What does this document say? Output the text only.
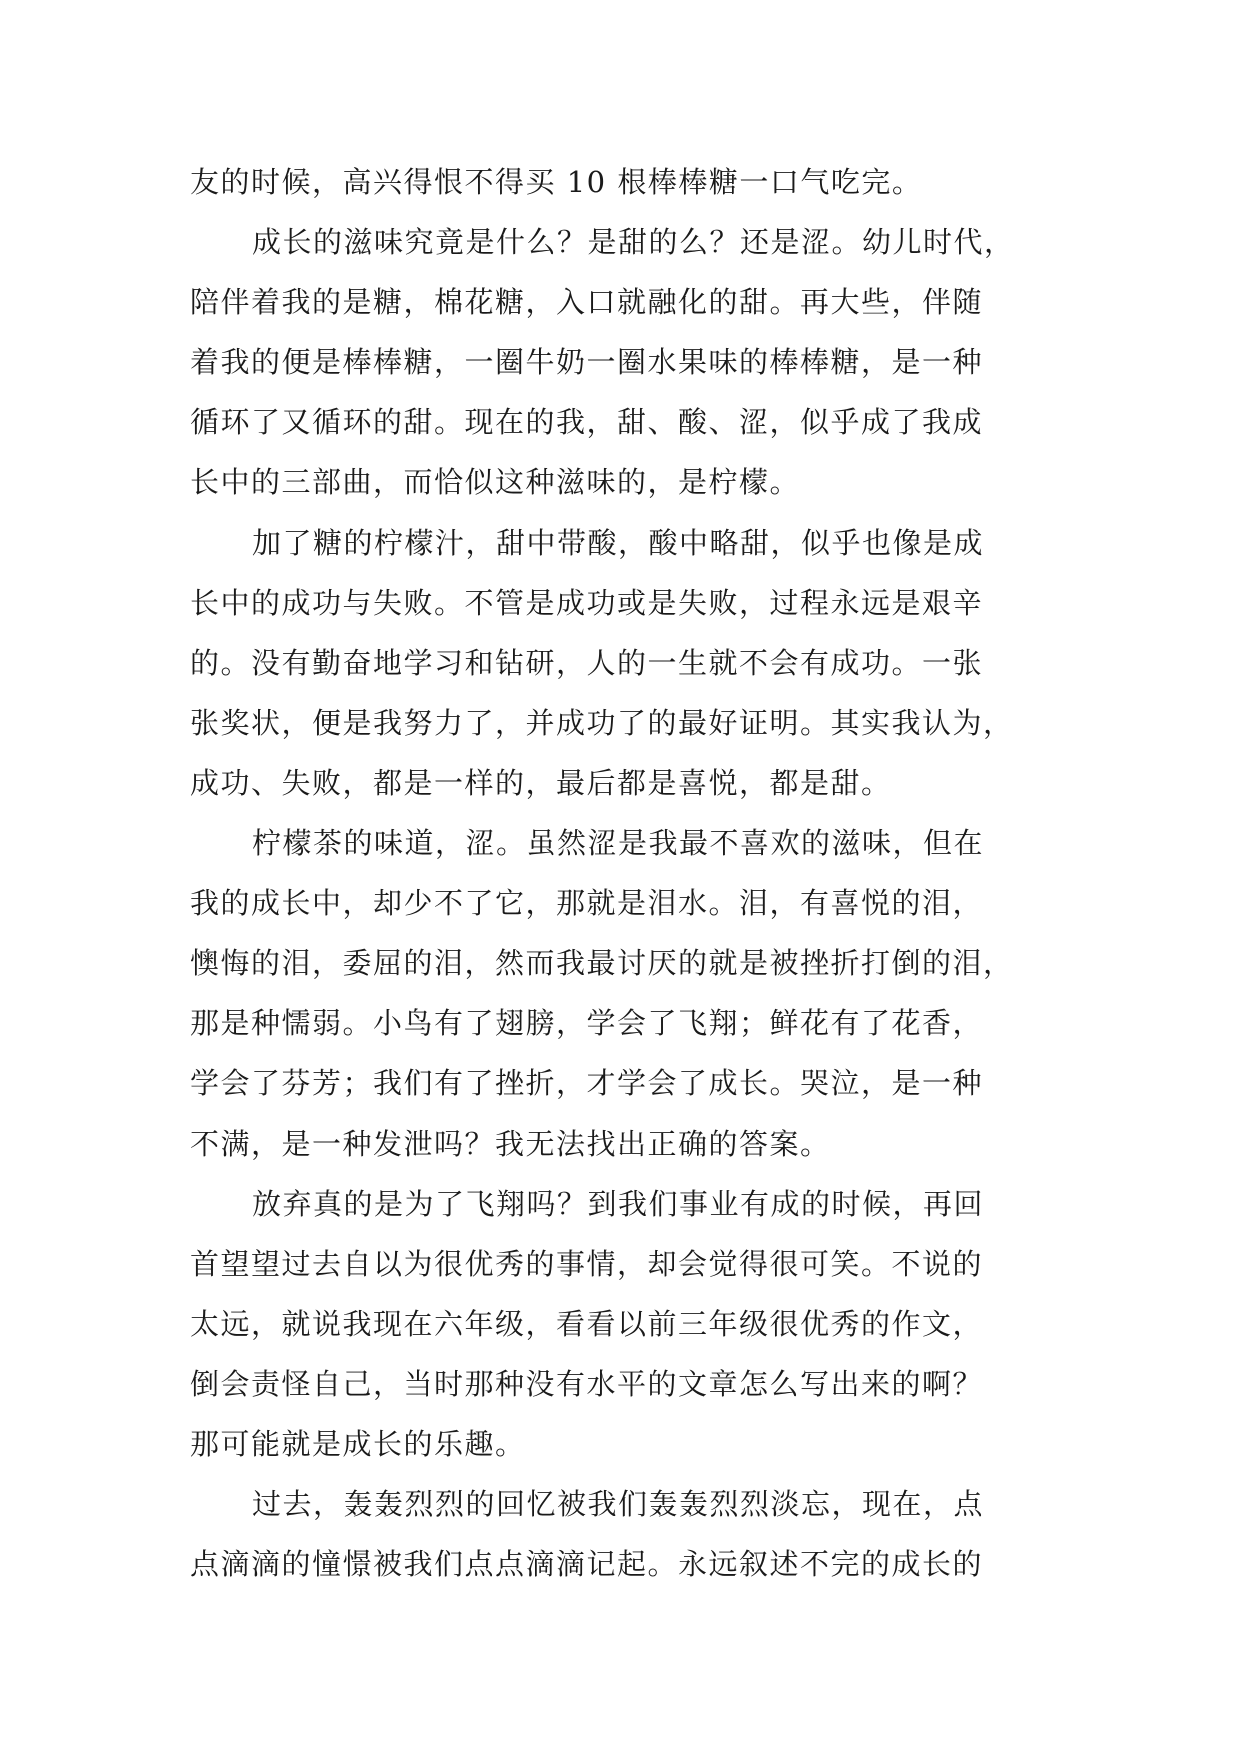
友的时候，高兴得恨不得买 10 根棒棒糖一口气吃完。
成长的滋味究竟是什么？是甜的么？还是涩。幼儿时代，
陪伴着我的是糖，棉花糖，入口就融化的甜。再大些，伴随
着我的便是棒棒糖，一圈牛奶一圈水果味的棒棒糖，是一种
循环了又循环的甜。现在的我，甜、酸、涩，似乎成了我成
长中的三部曲，而恰似这种滋味的，是柠檬。
加了糖的柠檬汁，甜中带酸，酸中略甜，似乎也像是成
长中的成功与失败。不管是成功或是失败，过程永远是艰辛
的。没有勤奋地学习和钻研，人的一生就不会有成功。一张
张奖状，便是我努力了，并成功了的最好证明。其实我认为，
成功、失败，都是一样的，最后都是喜悦，都是甜。
柠檬茶的味道，涩。虽然涩是我最不喜欢的滋味，但在
我的成长中，却少不了它，那就是泪水。泪，有喜悦的泪，
懊悔的泪，委屈的泪，然而我最讨厌的就是被挫折打倒的泪，
那是种懦弱。小鸟有了翅膀，学会了飞翔；鲜花有了花香，
学会了芬芳；我们有了挫折，才学会了成长。哭泣，是一种
不满，是一种发泄吗？我无法找出正确的答案。
放弃真的是为了飞翔吗？到我们事业有成的时候，再回
首望望过去自以为很优秀的事情，却会觉得很可笑。不说的
太远，就说我现在六年级，看看以前三年级很优秀的作文，
倒会责怪自己，当时那种没有水平的文章怎么写出来的啊？
那可能就是成长的乐趣。
过去，轰轰烈烈的回忆被我们轰轰烈烈淡忘，现在，点
点滴滴的憧憬被我们点点滴滴记起。永远叙述不完的成长的
